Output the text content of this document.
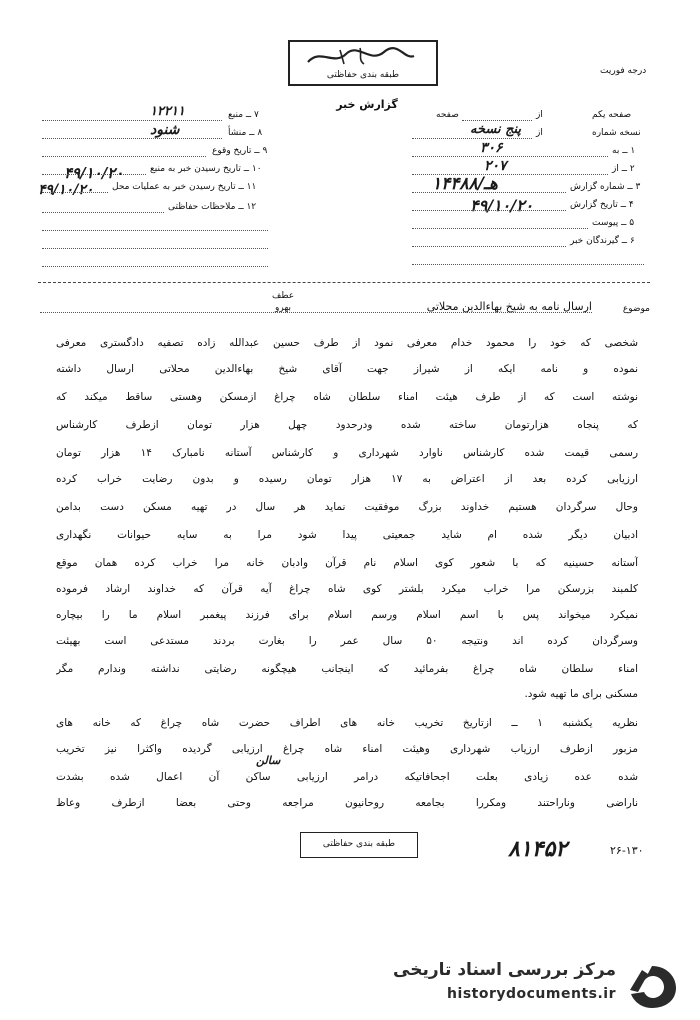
طبقه بندی حفاظتی	درجه فوریت
گزارش خبر
۷ ــ منبع
۱۲۲۱۱
۸ ــ منشأ
شنود
۹ ــ تاریخ وقوع
۱۰ ــ تاریخ رسیدن خبر به منبع
۴۹/۱۰/۲۰
۱۱ ــ تاریخ رسیدن خبر به عملیات محل
۴۹/۱۰/۲۰
۱۲ ــ ملاحظات حفاظتی
صفحه یکم
از
صفحه
نسخه شماره
از
پنج نسخه
۱ ــ به
۳۰۶
۲ ــ از
۲۰۷
۳ ــ شماره گزارش
۱۴۴۸۸/هـ
۴ ــ تاریخ گزارش
۴۹/۱۰/۲۰
۵ ــ پیوست
۶ ــ گیرندگان خبر
موضوع
ارسال نامه به شیخ بهاءالدین محلاتی
عطف
بهرو
شخصی که خود را محمود خدام معرفی نمود از طرف حسین عبدالله زاده تصفیه دادگستری معرفی
نموده و نامه ایکه از شیراز جهت آقای شیخ بهاءالدین محلاتی ارسال داشته
نوشته است که از طرف هیئت امناء سلطان شاه چراغ ازمسکن وهستی ساقط میکند که
که پنجاه هزارتومان ساخته شده ودرحدود چهل هزار تومان ازطرف کارشناس
رسمی قیمت شده کارشناس ناوارد شهرداری و کارشناس آستانه نامبارک ۱۴ هزار تومان
ارزیابی کرده بعد از اعتراض به ۱۷ هزار تومان رسیده و بدون رضایت خراب کرده
وحال سرگردان هستیم خداوند بزرگ موفقیت نماید هر سال در تهیه مسکن دست بدامن
ادبیان دیگر شده ام شاید جمعیتی پیدا شود مرا به سایه حیوانات نگهداری
آستانه حسینیه که با شعور کوی اسلام نام قرآن وادبان خانه مرا خراب کرده همان موقع
کلمبند بزرسکن مرا خراب میکرد بلشتر کوی شاه چراغ آیه قرآن که خداوند ارشاد فرموده
نمیکرد میخواند پس با اسم اسلام ورسم اسلام برای فرزند پیغمبر اسلام ما را بیچاره
وسرگردان کرده اند ونتیجه ۵۰ سال عمر را بغارت بردند مستدعی است بهیئت
امناء سلطان شاه چراغ بفرمائید که اینجانب هیچگونه رضایتی نداشته وندارم مگر
مسکنی برای ما تهیه شود.
نظریه یکشنبه ۱ ــ ازتاریخ تخریب خانه های اطراف حضرت شاه چراغ که خانه های
مزبور ازطرف ارزیاب شهرداری وهیئت امناء شاه چراغ ارزیابی گردیده واکثرا نیز تخریب
شده عده زیادی بعلت اجحافاتیکه درامر ارزیابی ساکن آن اعمال شده بشدت
ناراضی وناراحتند ومکررا بجامعه روحانیون مراجعه وحتی بعضا ازطرف وعاظ
سالن
طبقه بندی حفاظتی	۸۱۴۵۲	۲۶-۱۳۰
مرکز بررسی اسناد تاریخی
historydocuments.ir
